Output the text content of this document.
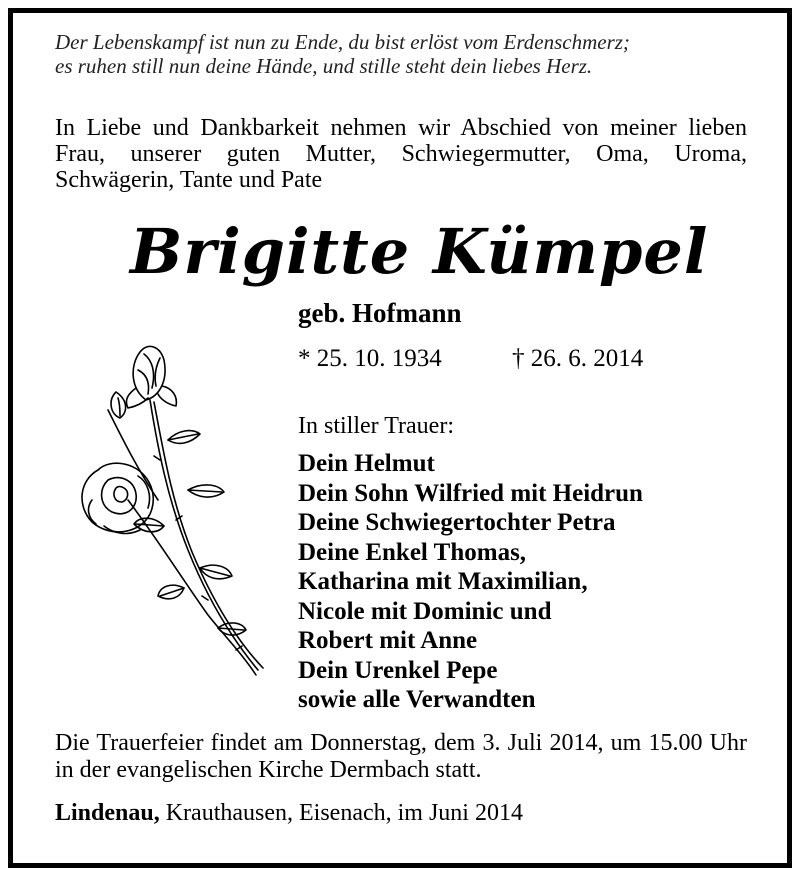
Der Lebenskampf ist nun zu Ende, du bist erlöst vom Erdenschmerz;
es ruhen still nun deine Hände, und stille steht dein liebes Herz.
In Liebe und Dankbarkeit nehmen wir Abschied von meiner lieben Frau, unserer guten Mutter, Schwiegermutter, Oma, Uroma, Schwägerin, Tante und Pate
Brigitte Kümpel
geb. Hofmann
* 25. 10. 1934	† 26. 6. 2014
In stiller Trauer:
Dein Helmut
Dein Sohn Wilfried mit Heidrun
Deine Schwiegertochter Petra
Deine Enkel Thomas,
Katharina mit Maximilian,
Nicole mit Dominic und
Robert mit Anne
Dein Urenkel Pepe
sowie alle Verwandten
Die Trauerfeier findet am Donnerstag, dem 3. Juli 2014, um 15.00 Uhr in der evangelischen Kirche Dermbach statt.
Lindenau, Krauthausen, Eisenach, im Juni 2014
